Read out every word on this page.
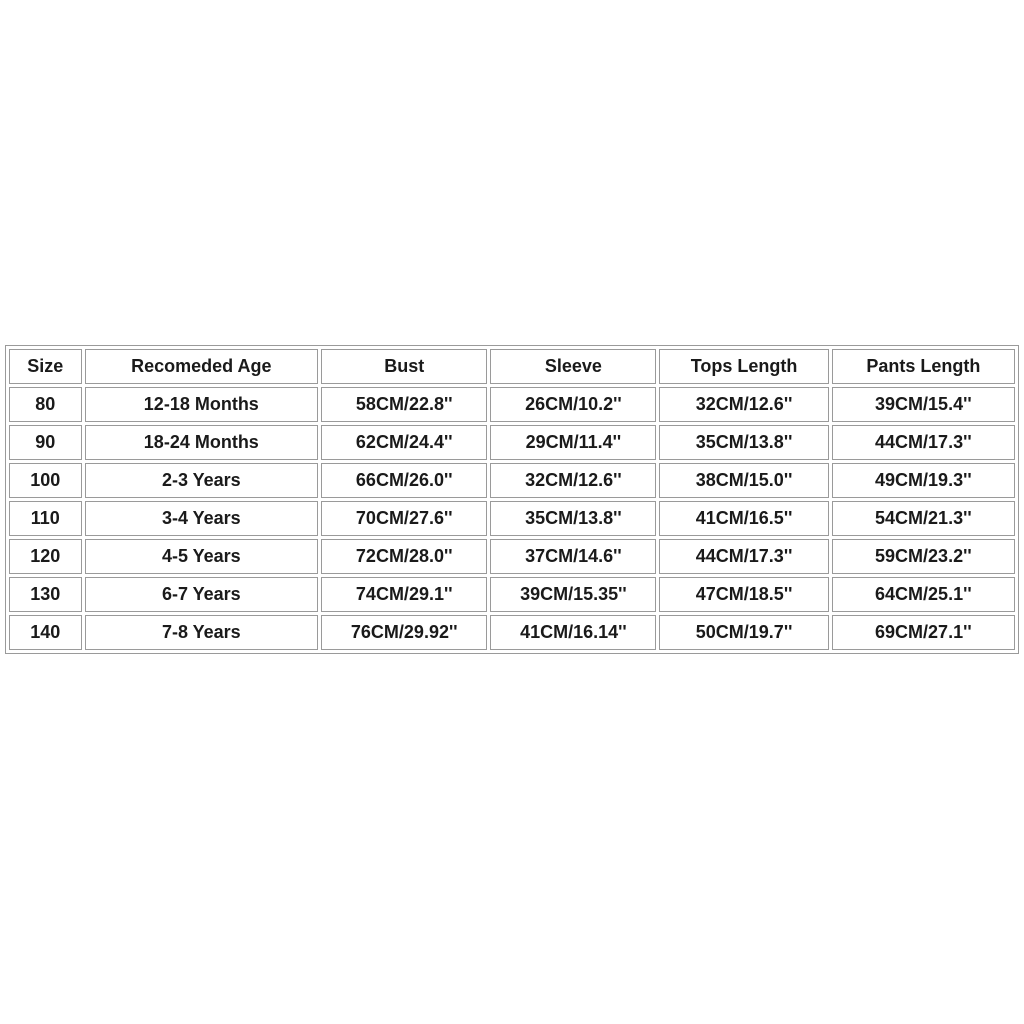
Size	Recomeded Age	Bust	Sleeve	Tops Length	Pants Length
80	12-18 Months	58CM/22.8''	26CM/10.2''	32CM/12.6''	39CM/15.4''
90	18-24 Months	62CM/24.4''	29CM/11.4''	35CM/13.8''	44CM/17.3''
100	2-3 Years	66CM/26.0''	32CM/12.6''	38CM/15.0''	49CM/19.3''
110	3-4 Years	70CM/27.6''	35CM/13.8''	41CM/16.5''	54CM/21.3''
120	4-5 Years	72CM/28.0''	37CM/14.6''	44CM/17.3''	59CM/23.2''
130	6-7 Years	74CM/29.1''	39CM/15.35''	47CM/18.5''	64CM/25.1''
140	7-8 Years	76CM/29.92''	41CM/16.14''	50CM/19.7''	69CM/27.1''
